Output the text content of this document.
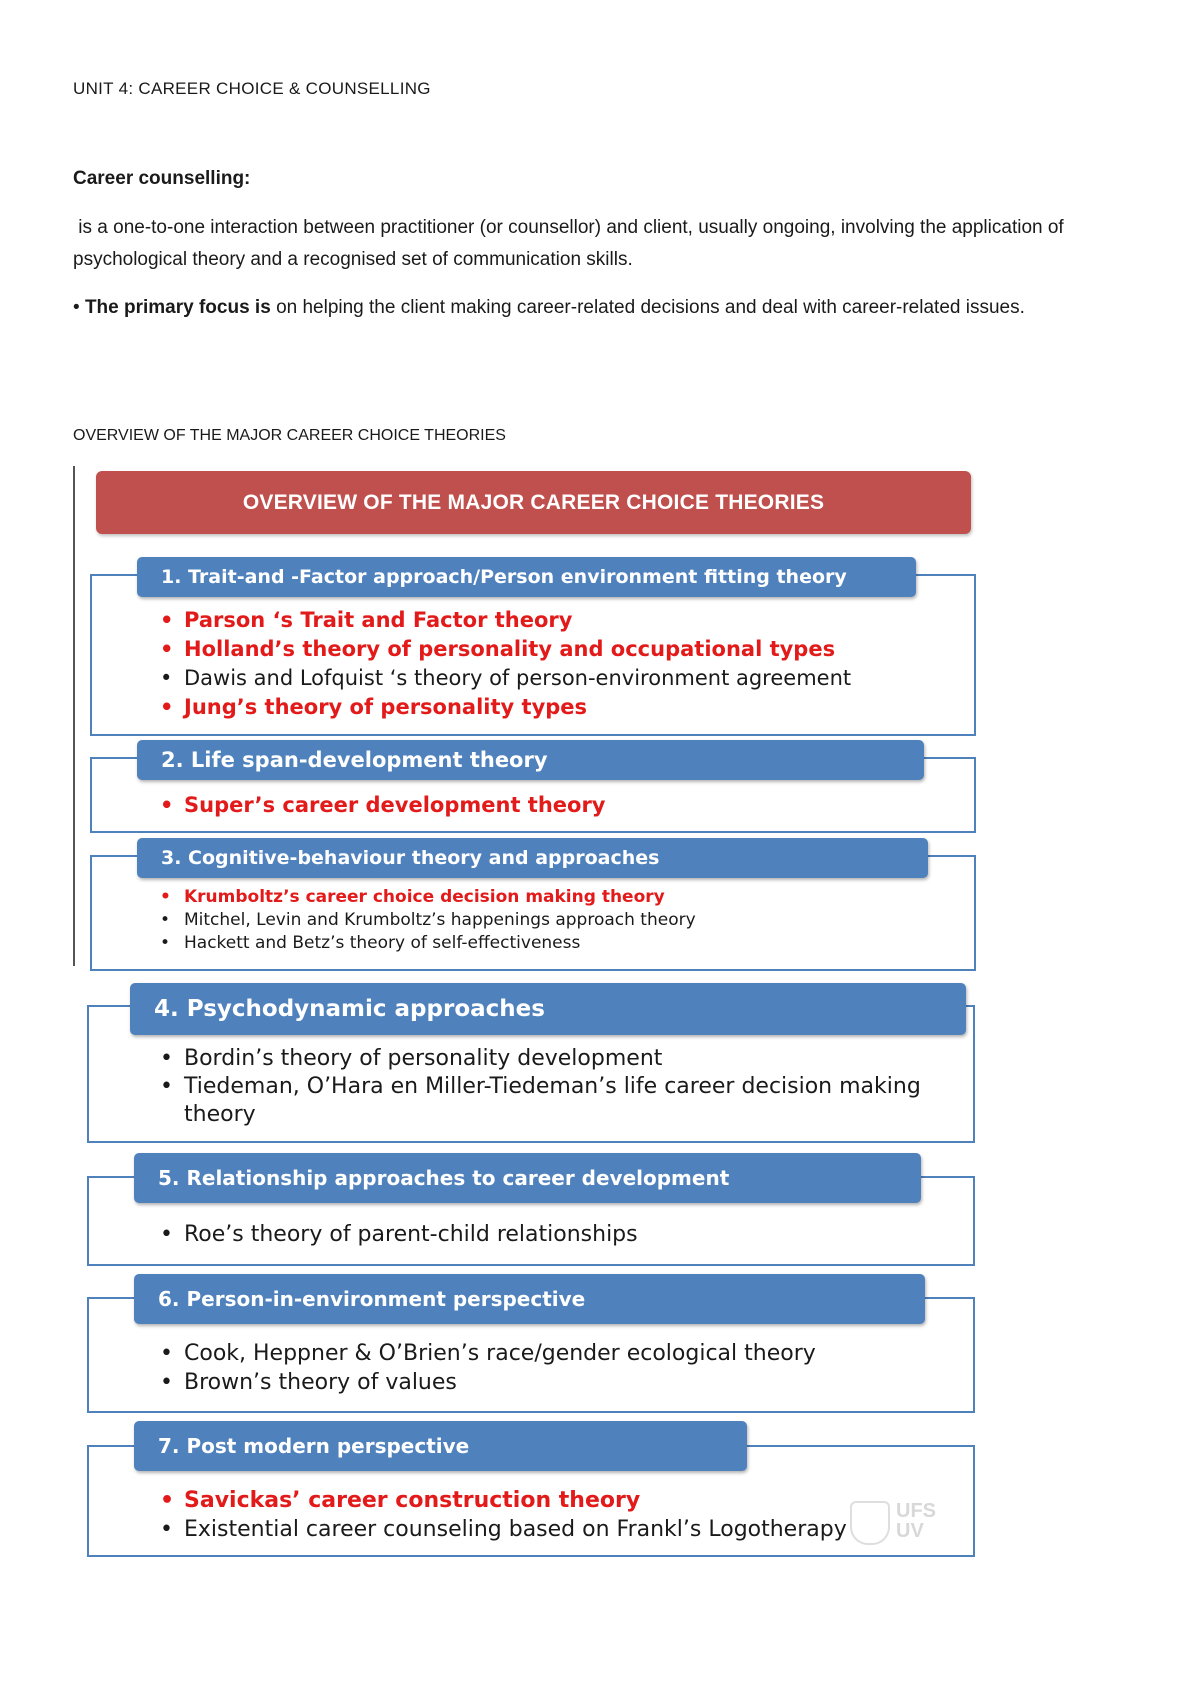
UNIT 4: CAREER CHOICE & COUNSELLING
Career counselling:
is a one-to-one interaction between practitioner (or counsellor) and client, usually ongoing, involving the application of psychological theory and a recognised set of communication skills.
• The primary focus is on helping the client making career-related decisions and deal with career-related issues.
OVERVIEW OF THE MAJOR CAREER CHOICE THEORIES
OVERVIEW OF THE MAJOR CAREER CHOICE THEORIES
1. Trait-and -Factor approach/Person environment fitting theory
• Parson ‘s Trait and Factor theory
• Holland’s theory of personality and occupational types
• Dawis and Lofquist ‘s theory of person-environment agreement
• Jung’s theory of personality types
2. Life span-development theory
• Super’s career development theory
3. Cognitive-behaviour theory and approaches
• Krumboltz’s career choice decision making theory
• Mitchel, Levin and Krumboltz’s happenings approach theory
• Hackett and Betz’s theory of self-effectiveness
4. Psychodynamic approaches
• Bordin’s theory of personality development
• Tiedeman, O’Hara en Miller-Tiedeman’s life career decision making theory
5. Relationship approaches to career development
• Roe’s theory of parent-child relationships
6. Person-in-environment perspective
• Cook, Heppner & O’Brien’s race/gender ecological theory
• Brown’s theory of values
7. Post modern perspective
• Savickas’ career construction theory
• Existential career counseling based on Frankl’s Logotherapy
UFS
UV
